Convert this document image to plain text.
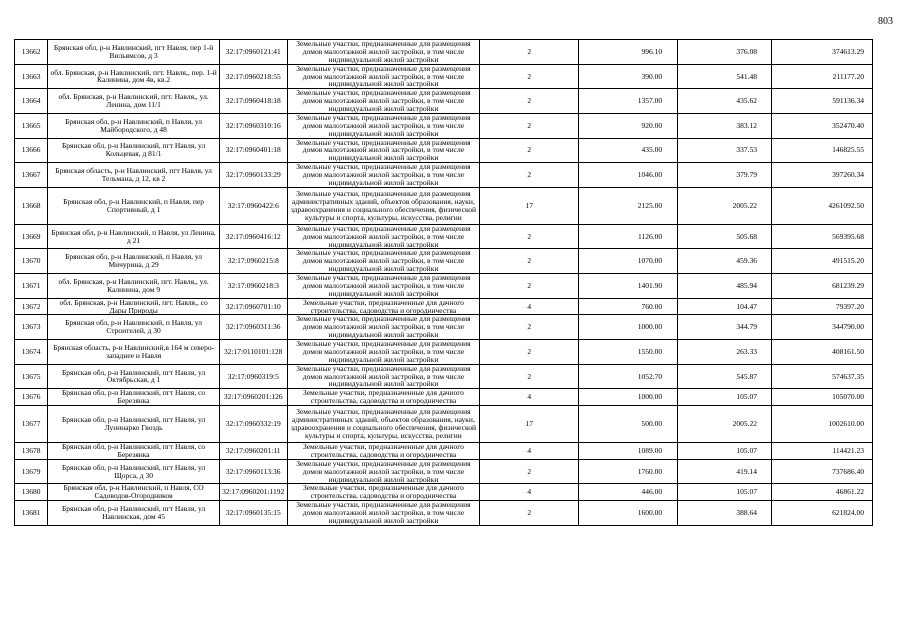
803
13662	Брянская обл, р-н Навлинский, пгт Навля, пер 1-й Вильямсов, д 3	32:17:0960121:41	Земельные участки, предназначенные для размещения домов малоэтажной жилой застройки, в том числе индивидуальной жилой застройки	2	996.10	376.08	374613.29
13663	обл. Брянская, р-н Навлинский, пгт. Навля,, пер. 1-й Калинина, дом 4в, кв.2	32:17:0960218:55	Земельные участки, предназначенные для размещения домов малоэтажной жилой застройки, в том числе индивидуальной жилой застройки	2	390.00	541.48	211177.20
13664	обл. Брянская, р-н Навлинский, пгт. Навля,, ул. Ленина, дом 11/1	32:17:0960418:18	Земельные участки, предназначенные для размещения домов малоэтажной жилой застройки, в том числе индивидуальной жилой застройки	2	1357.00	435.62	591136.34
13665	Брянская обл, р-н Навлинский, п Навля, ул Майбородского, д 48	32:17:0960310:16	Земельные участки, предназначенные для размещения домов малоэтажной жилой застройки, в том числе индивидуальной жилой застройки	2	920.00	383.12	352470.40
13666	Брянская обл, р-н Навлинский, пгт Навля, ул Кольцевая, д 81/1	32:17:0960401:18	Земельные участки, предназначенные для размещения домов малоэтажной жилой застройки, в том числе индивидуальной жилой застройки	2	435.00	337.53	146825.55
13667	Брянская область, р-н Навлинский, пгт Навля, ул Тельмана, д 12, кв 2	32:17:0960133:29	Земельные участки, предназначенные для размещения домов малоэтажной жилой застройки, в том числе индивидуальной жилой застройки	2	1046.00	379.79	397260.34
13668	Брянская обл, р-н Навлинский, п Навля, пер Спортивный, д 1	32:17:0960422:6	Земельные участки, предназначенные для размещения административных зданий, объектов образования, науки, здравоохранения и социального обеспечения, физической культуры и спорта, культуры, искусства, религии	17	2125.00	2005.22	4261092.50
13669	Брянская обл, р-н Навлинский, п Навля, ул Ленина, д 21	32:17:0960416:12	Земельные участки, предназначенные для размещения домов малоэтажной жилой застройки, в том числе индивидуальной жилой застройки	2	1126.00	505.68	569395.68
13670	Брянская обл, р-н Навлинский, п Навля, ул Мичурина, д 29	32:17:0960215:8	Земельные участки, предназначенные для размещения домов малоэтажной жилой застройки, в том числе индивидуальной жилой застройки	2	1070.00	459.36	491515.20
13671	обл. Брянская, р-н Навлинский, пгт. Навля,, ул. Калинина, дом 9	32:17:0960218:3	Земельные участки, предназначенные для размещения домов малоэтажной жилой застройки, в том числе индивидуальной жилой застройки	2	1401.90	485.94	681239.29
13672	обл. Брянская, р-н Навлинский, пгт. Навля,, со Дары Природы	32:17:0960701:10	Земельные участки, предназначенные для дачного строительства, садоводства и огородничества	4	760.00	104.47	79397.20
13673	Брянская обл, р-н Навлинский, п Навля, ул Строителей, д 30	32:17:0960311:36	Земельные участки, предназначенные для размещения домов малоэтажной жилой застройки, в том числе индивидуальной жилой застройки	2	1000.00	344.79	344790.00
13674	Брянская область, р-н Навлинский,в 164 м северо-западнее н Навля	32:17:0110101:128	Земельные участки, предназначенные для размещения домов малоэтажной жилой застройки, в том числе индивидуальной жилой застройки	2	1550.00	263.33	408161.50
13675	Брянская обл, р-н Навлинский, пгт Навля, ул Октябрьская, д 1	32:17:0960319:5	Земельные участки, предназначенные для размещения домов малоэтажной жилой застройки, в том числе индивидуальной жилой застройки	2	1052.70	545.87	574637.35
13676	Брянская обл, р-н Навлинский, пгт Навля, со Березянка	32:17:0960201:126	Земельные участки, предназначенные для дачного строительства, садоводства и огородничества	4	1000.00	105.07	105070.00
13677	Брянская обл, р-н Навлинский, пгт Навля, ул Лунинарко Гвоздь	32:17:0960332:19	Земельные участки, предназначенные для размещения административных зданий, объектов образования, науки, здравоохранения и социального обеспечения, физической культуры и спорта, культуры, искусства, религии	17	500.00	2005.22	1002610.00
13678	Брянская обл, р-н Навлинский, пгт Навля, со Березянка	32:17:0960201:11	Земельные участки, предназначенные для дачного строительства, садоводства и огородничества	4	1089.00	105.07	114421.23
13679	Брянская обл, р-н Навлинский, пгт Навля, ул Щорса, д 30	32:17:0960113:36	Земельные участки, предназначенные для размещения домов малоэтажной жилой застройки, в том числе индивидуальной жилой застройки	2	1760.00	419.14	737686.40
13680	Брянская обл, р-н Навлинский, п Навля, СО Садоводов-Огородников	32:17:0960201:1192	Земельные участки, предназначенные для дачного строительства, садоводства и огородничества	4	446.00	105.07	46861.22
13681	Брянская обл, р-н Навлинский, пгт Навля, ул Навлинская, дом 45	32:17:0960135:15	Земельные участки, предназначенные для размещения домов малоэтажной жилой застройки, в том числе индивидуальной жилой застройки	2	1600.00	388.64	621824.00
